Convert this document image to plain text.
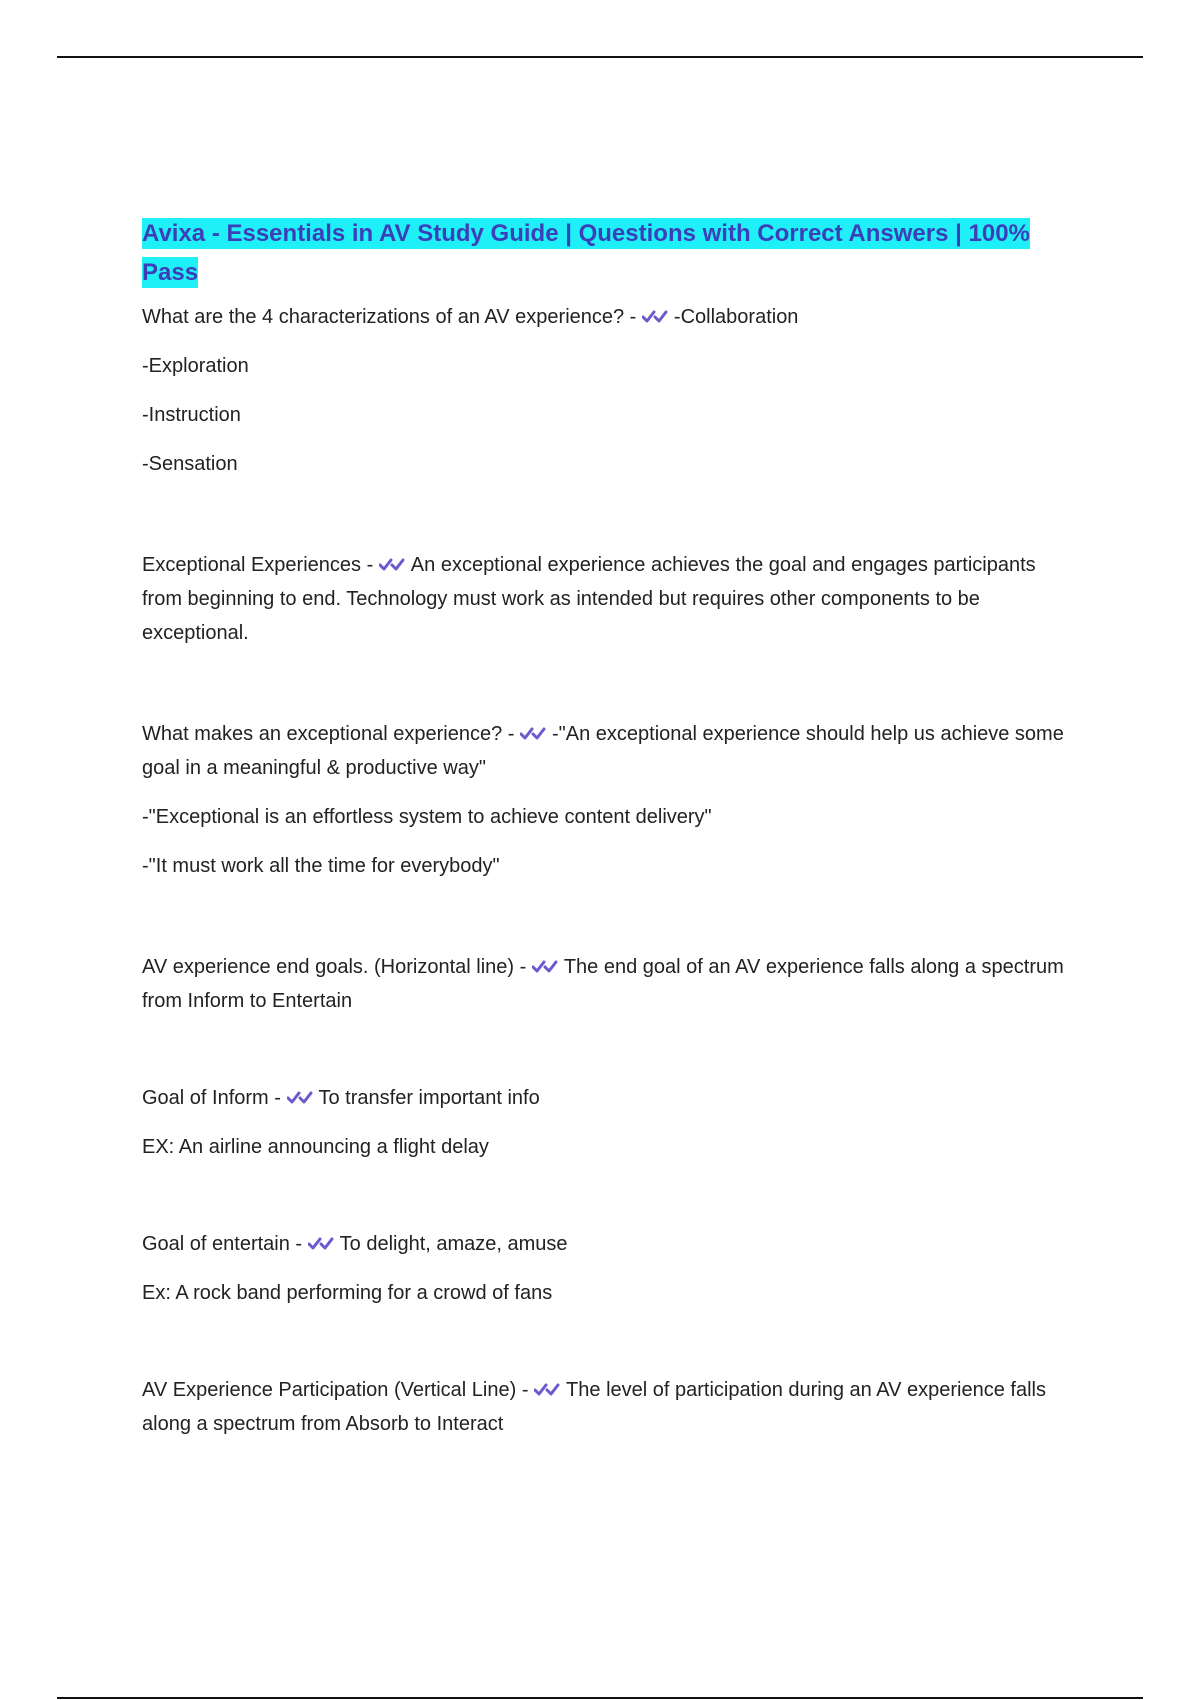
Avixa - Essentials in AV Study Guide | Questions with Correct Answers | 100% Pass

What are the 4 characterizations of an AV experience? - -Collaboration

-Exploration

-Instruction

-Sensation

Exceptional Experiences - An exceptional experience achieves the goal and engages participants from beginning to end. Technology must work as intended but requires other components to be exceptional.

What makes an exceptional experience? - -"An exceptional experience should help us achieve some goal in a meaningful & productive way"

-"Exceptional is an effortless system to achieve content delivery"

-"It must work all the time for everybody"

AV experience end goals. (Horizontal line) - The end goal of an AV experience falls along a spectrum from Inform to Entertain

Goal of Inform - To transfer important info

EX: An airline announcing a flight delay

Goal of entertain - To delight, amaze, amuse

Ex: A rock band performing for a crowd of fans

AV Experience Participation (Vertical Line) - The level of participation during an AV experience falls along a spectrum from Absorb to Interact
